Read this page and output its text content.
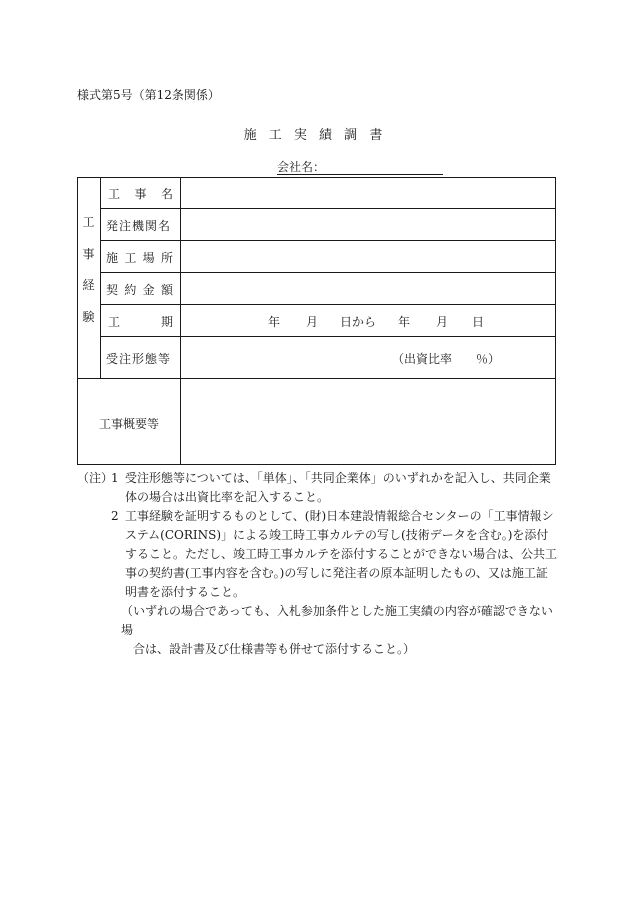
様式第5号（第12条関係）
施 工 実 績 調 書
会社名：
工
事
経
験
工 事 名
発注機関名
施 工 場 所
契 約 金 額
工	期
受注形態等
年 月 日から 年 月 日
（出資比率　　％）
工事概要等
（注）
1 受注形態等については、「単体」、「共同企業体」のいずれかを記入し、共同企業体の場合は出資比率を記入すること。
2 工事経験を証明するものとして、(財)日本建設情報総合センターの「工事情報システム(CORINS)」による竣工時工事カルテの写し(技術データを含む。)を添付すること。ただし、竣工時工事カルテを添付することができない場合は、公共工事の契約書(工事内容を含む。)の写しに発注者の原本証明したもの、又は施工証明書を添付すること。
（いずれの場合であっても、入札参加条件とした施工実績の内容が確認できない場
合は、設計書及び仕様書等も併せて添付すること。）
